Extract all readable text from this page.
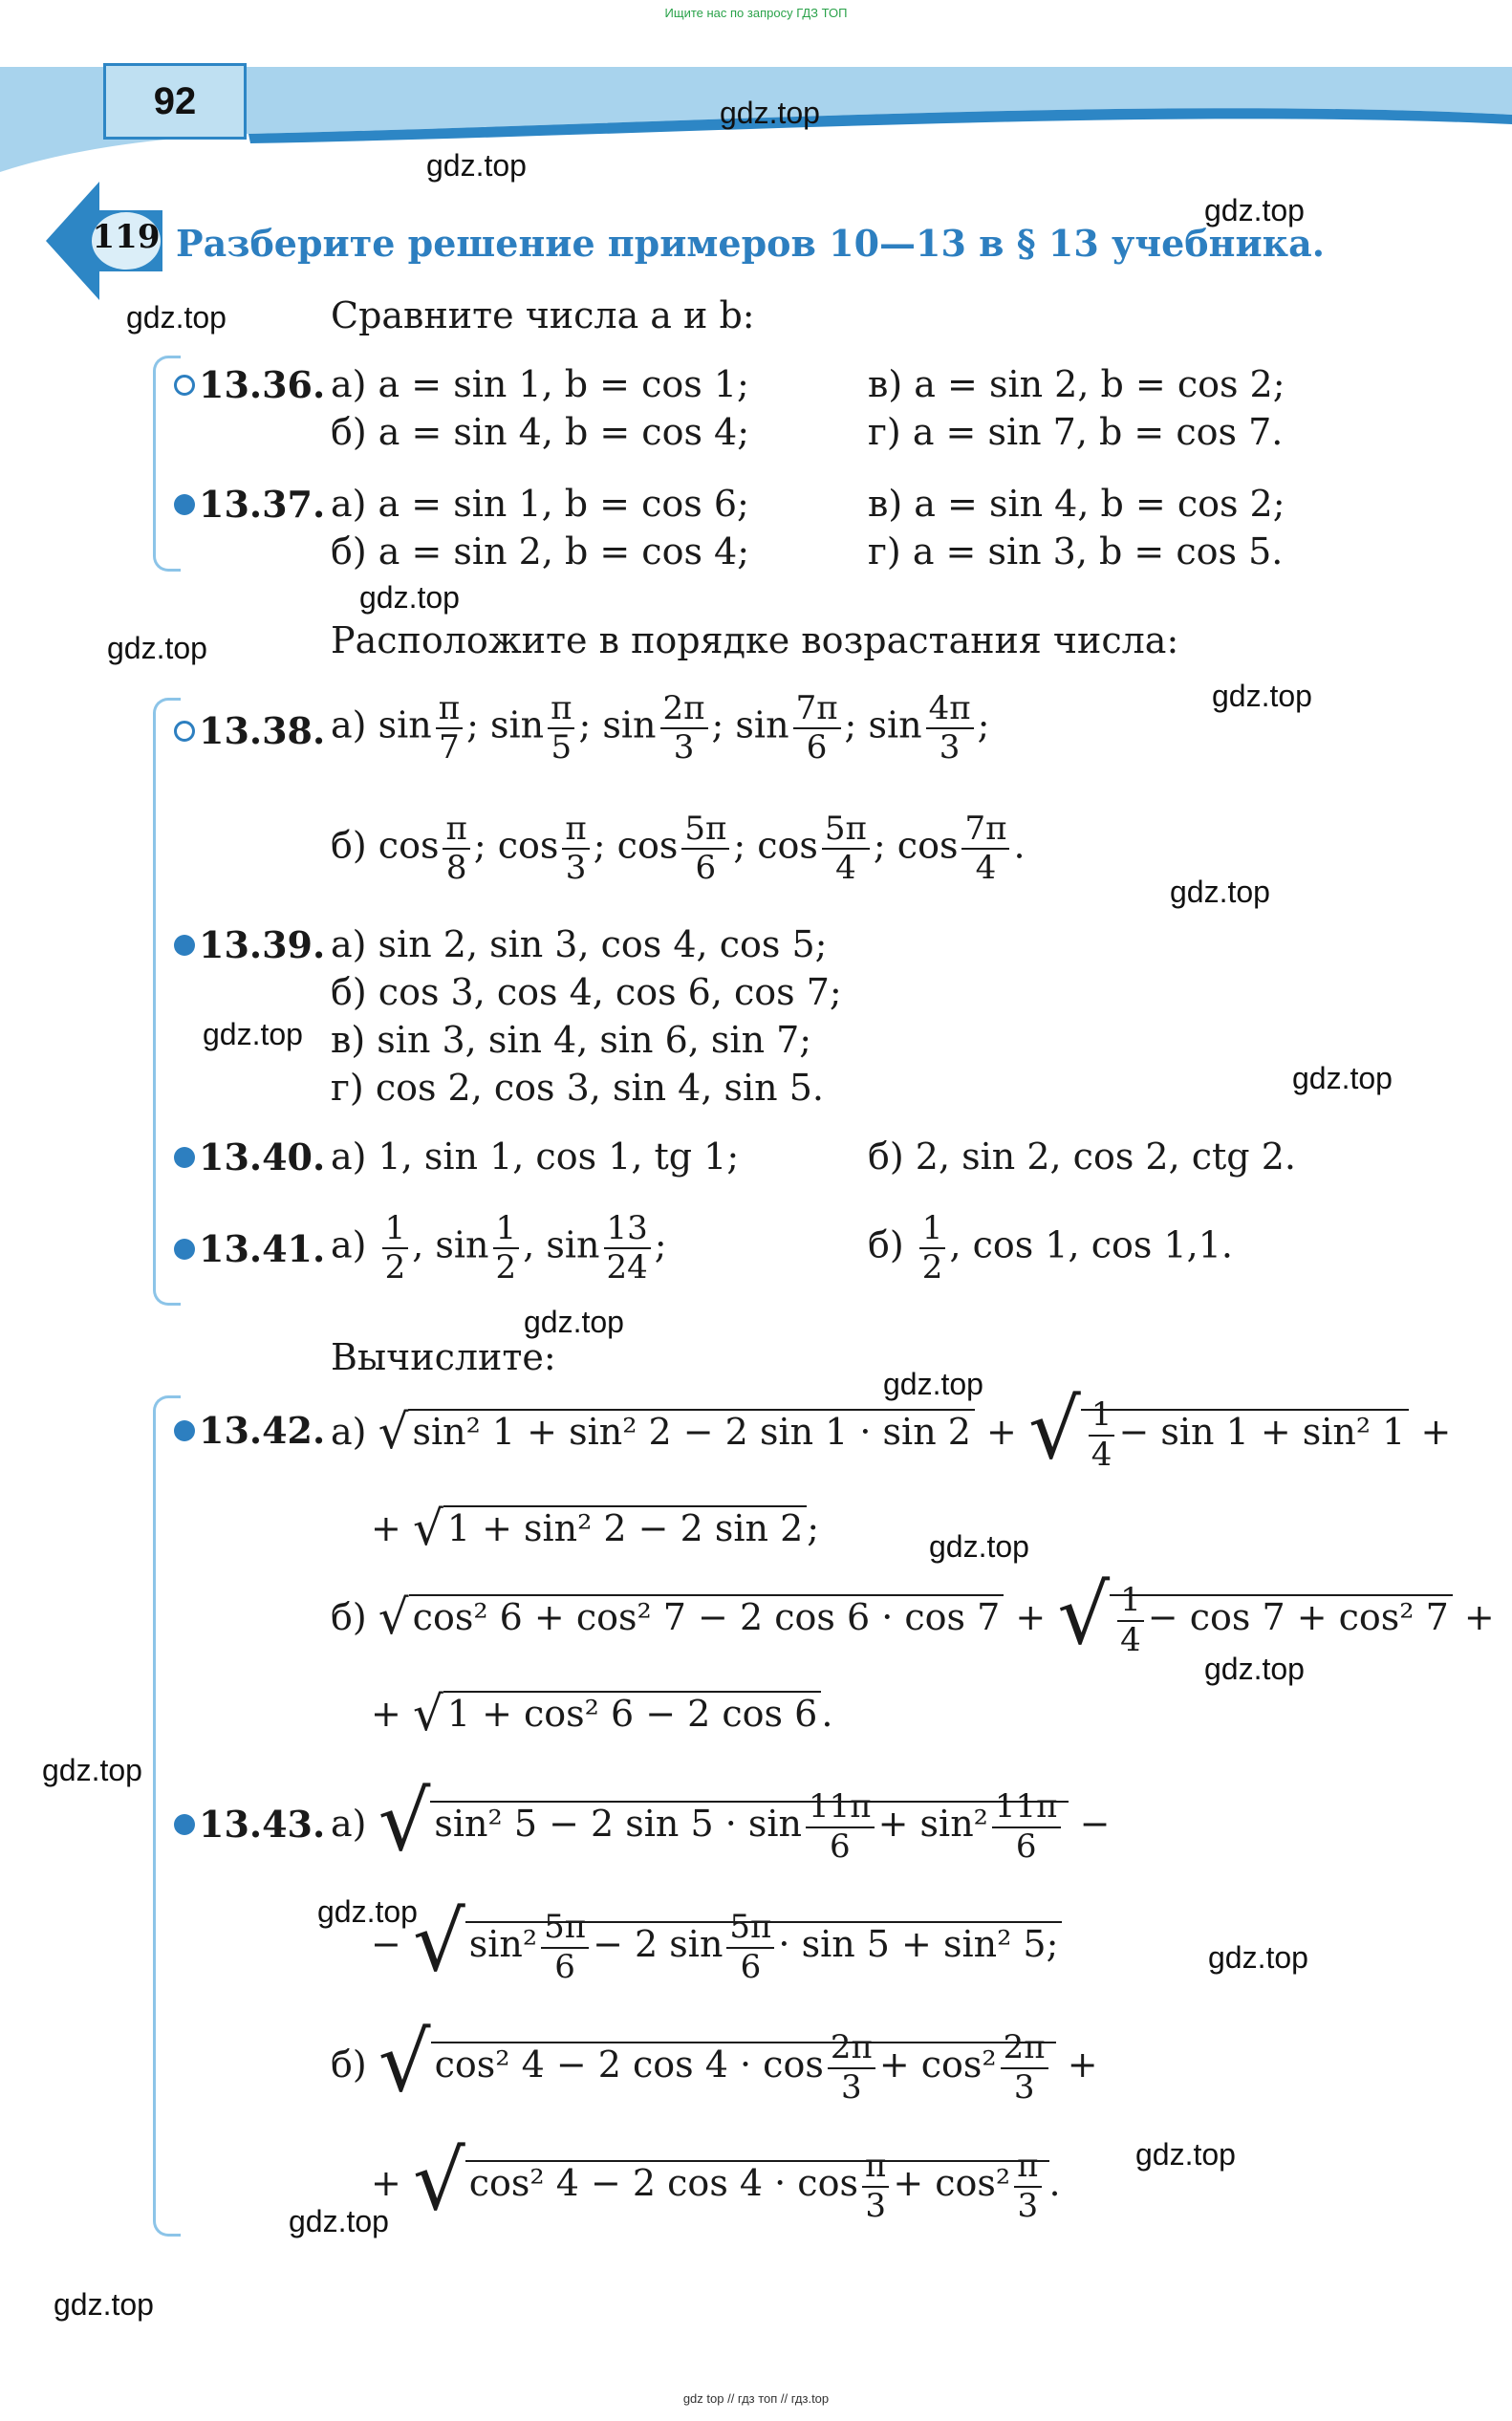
Ищите нас по запросу ГДЗ ТОП
92	gdz.top
gdz.top
gdz.top
gdz.top
gdz.top
gdz.top
gdz.top
gdz.top
gdz.top
gdz.top
gdz.top
gdz.top
gdz.top
gdz.top
gdz.top
gdz.top
gdz.top
gdz.top
gdz.top
gdz.top
119 Разберите решение примеров 10—13 в § 13 учебника.
Сравните числа a и b:
13.36. а) a = sin 1, b = cos 1;	в) a = sin 2, b = cos 2;
б) a = sin 4, b = cos 4;	г) a = sin 7, b = cos 7.
13.37. а) a = sin 1, b = cos 6;	в) a = sin 4, b = cos 2;
б) a = sin 2, b = cos 4;	г) a = sin 3, b = cos 5.
Расположите в порядке возрастания числа:
13.38. а) $\sin \frac{\pi}{7}$ ; $\sin \frac{\pi}{5}$ ; $\sin \frac{2\pi}{3}$ ; $\sin \frac{7\pi}{6}$ ; $\sin \frac{4\pi}{3}$ ;
б) $\cos \frac{\pi}{8}$ ; $\cos \frac{\pi}{3}$ ; $\cos \frac{5\pi}{6}$ ; $\cos \frac{5\pi}{4}$ ; $\cos \frac{7\pi}{4}$ .
13.39. а) sin 2, sin 3, cos 4, cos 5;
б) cos 3, cos 4, cos 6, cos 7;
в) sin 3, sin 4, sin 6, sin 7;
г) cos 2, cos 3, sin 4, sin 5.
13.40. а) 1, sin 1, cos 1, tg 1;	б) 2, sin 2, cos 2, ctg 2.
13.41. $а) \frac{1}{2}$ , $\sin \frac{1}{2}$ , $\sin \frac{13}{24}$ ;	$б) \frac{1}{2}$ , cos 1, cos 1,1.
Вычислите:
13.42. а) √ sin² 1 + sin² 2 − 2 sin 1 · sin 2 + √ $\frac{1}{4} - \sin 1 + \sin^2$ 1 +
+ √ 1 + sin² 2 − 2 sin 2 ;
б) √ cos² 6 + cos² 7 − 2 cos 6 · cos 7 + √ $\frac{1}{4} - \cos 7 + \cos^2$ 7 +
+ √ 1 + cos² 6 − 2 cos 6 .
13.43. а) √ sin² 5 − 2 $\sin 5 \cdot \sin \frac{11\pi}{6} + \sin^2 \frac{11\pi}{6}$ −
− √ $\sin^2 \frac{5\pi}{6} - 2$ $\sin \frac{5\pi}{6} \cdot \sin 5 + \sin^2$ 5;
б) √ cos² 4 − 2 $\cos 4 \cdot \cos \frac{2\pi}{3} + \cos^2 \frac{2\pi}{3}$ +
+ √ cos² 4 − 2 $\cos 4 \cdot \cos \frac{\pi}{3} + \cos^2 \frac{\pi}{3}$ .
gdz top // гдз топ // гдз.top
